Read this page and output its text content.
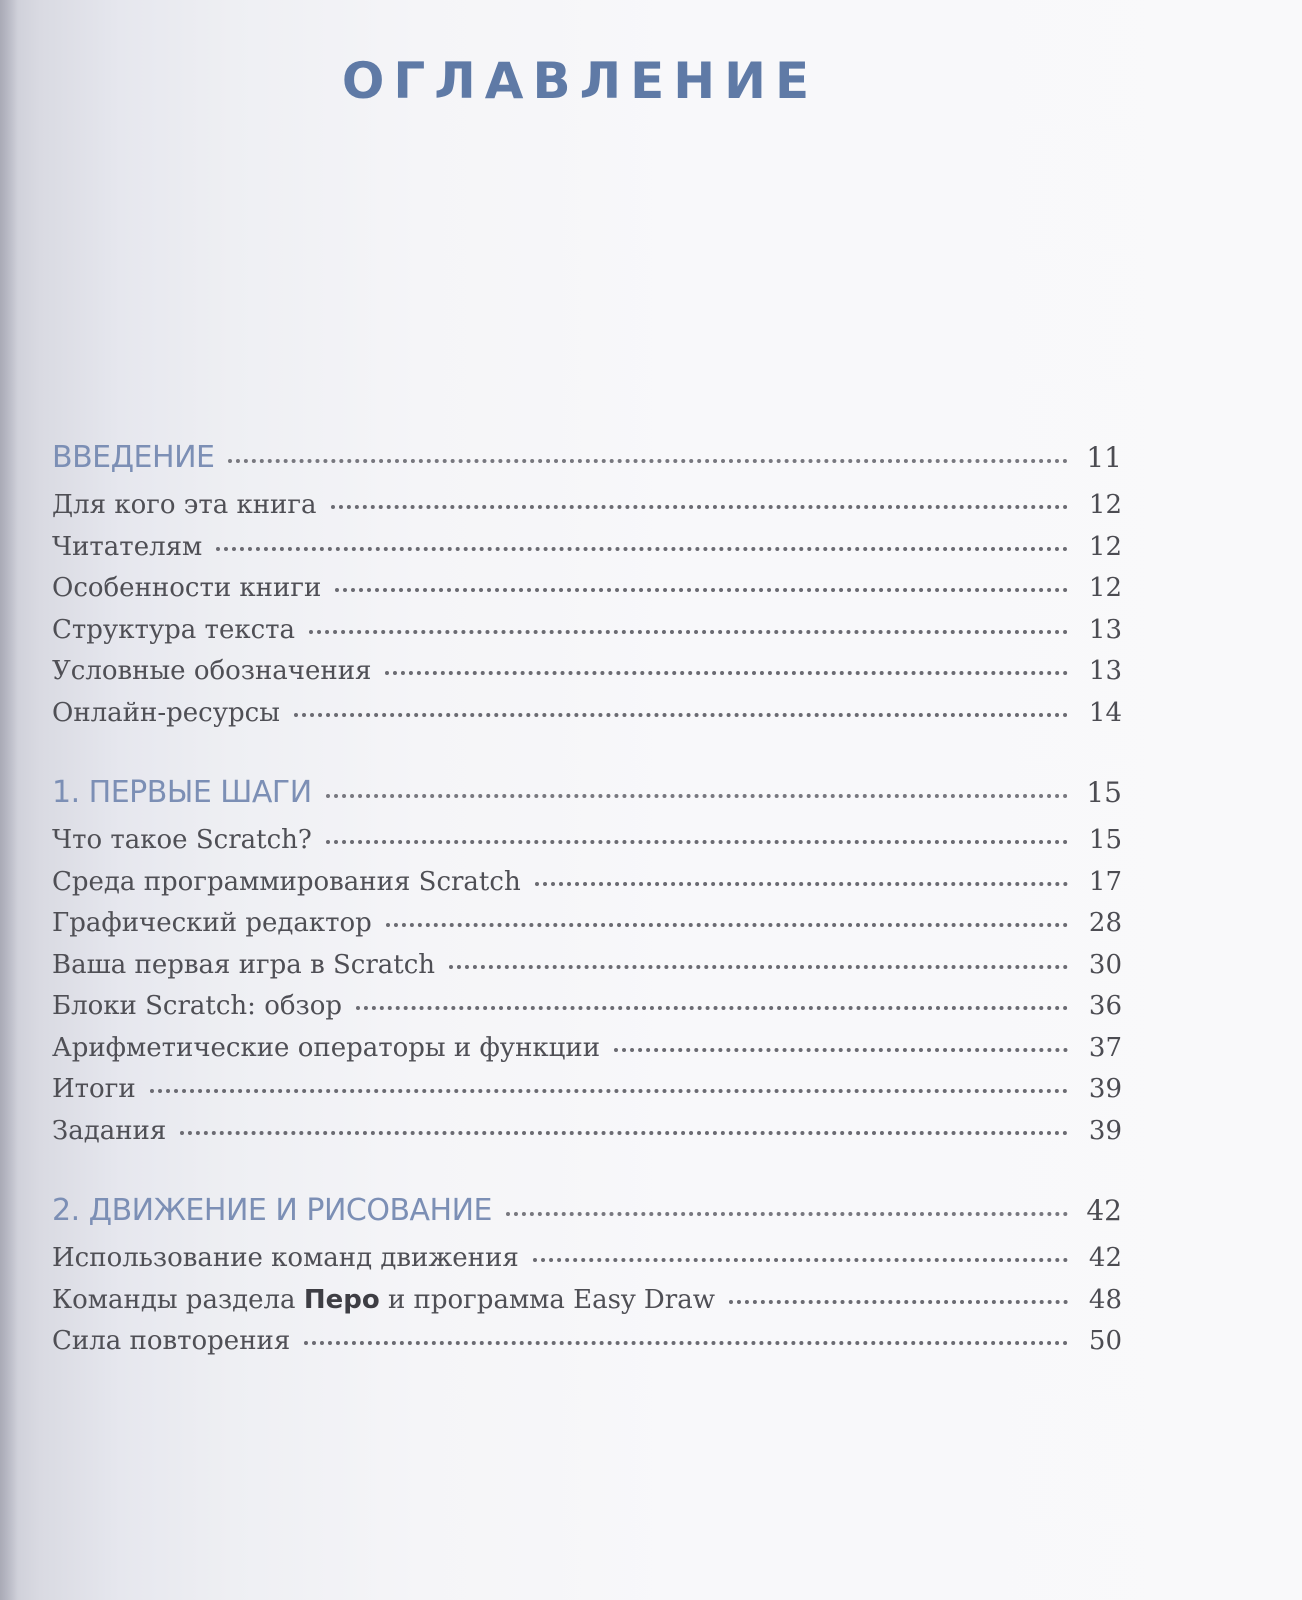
ОГЛАВЛЕНИЕ
ВВЕДЕНИЕ	11
Для кого эта книга	12
Читателям	12
Особенности книги	12
Структура текста	13
Условные обозначения	13
Онлайн-ресурсы	14
1. ПЕРВЫЕ ШАГИ	15
Что такое Scratch?	15
Среда программирования Scratch	17
Графический редактор	28
Ваша первая игра в Scratch	30
Блоки Scratch: обзор	36
Арифметические операторы и функции	37
Итоги	39
Задания	39
2. ДВИЖЕНИЕ И РИСОВАНИЕ	42
Использование команд движения	42
Команды раздела Перо и программа Easy Draw	48
Сила повторения	50
